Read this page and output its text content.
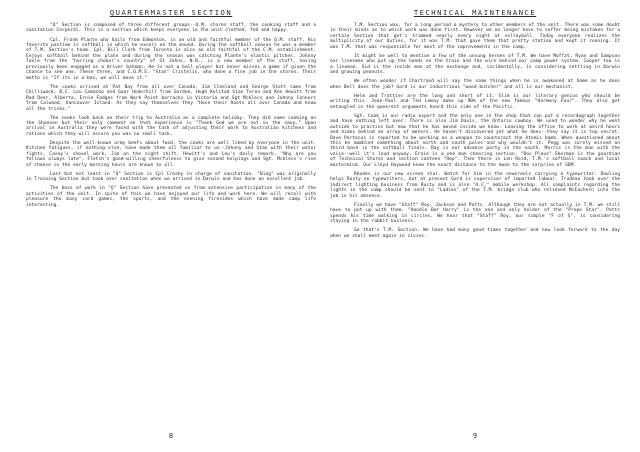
QUARTERMASTER SECTION

"Q" Section is composed of three different groups--Q.M. stores staff, the cooking staff and a sanitation Corporal. This is a section which keeps everyone in the unit clothed, fed and happy.

Cpl. Frank Plante who hails from Edmonton, is an old and faithful member of the Q.M. staff. His favorite pastime is softball in which he excels on the mound. During the softball season he was a member of T.M. Section's team. Cpl. Bill Clark from Toronto is also an old faithful of the C.M. establishment. Enjoys softball behind the plate and during the season was catching Plante's elastic pitches. Johnny Toole from the "herring choker's country" of St Johns, N.B., is a new member of the staff, having previously been engaged as a driver batman. He is not a ball player but never misses a game if given the chance to see one. These three, and C.Q.M.S. "Stan" Cristelis, who done a fine job in the stores. Their motto is "If its in a box, we will move it."

The cooks arrived at Pat Bay from all over Canada. Jim Cleeland and George Stott came from Chilliwack, B.C. Lou Camacho and Gaar Underhill from Gordon, Hugh Kolstad Stan Teron and Ken Hewitt from Red Deer, Alberta, Ernie Fodges from Work Point barracks in Victoria and Sgt Mcklecs and Johnny Connors from Calwood, Vancouver Island. As they say themselves they "Have their Roots all over Canada and know all the tricks."

The cooks look back on their trip to Australia as a complete holiday. They did some cooking on the Shannon but their only comment on that experience is "Thank God we are not in the navy." Upon arrival in Australia they were faced with the task of adjusting their work to Australian kitchens and rations which they will assure you was no small task.

Despite the well-known army beefs about food, the cooks are well liked by everyone in the unit. Kitchen fatigues, if nothing else, have made them all familiar to us--Johnny and Stan with their water fights, Casey's shovel work, Jim on the night shift, Hewitt's and Lou's daily remark, "Why are you fellows always late", Fletch's good-willing cheerfulness to give second helpings and Sgt. Mcklecs's rise of cheese in the early morning hours are known to all.

Last but not least in "Q" Section is Cpl Crosby in charge of sanitation. "Bing" was originally in Training Section but took over sanitation when we arrived in Darwin and has done an excellent job.

The boss of work in "Q" Section have prevented us from extensive participation in many of the activities of the unit. In spite of this we have enjoyed our life and work here. We will recall with pleasure the many card games, the sports, and the evening firesides which have made camp life interesting.

8
TECHNICAL MAINTENANCE

T.M. Section was, for a long period a mystery to other members of the unit. There was some doubt in their minds as to which work was done first. However we no longer have to suffer being mistaken for a certain Section that get's trimmed nearly every night at volleyball. Today everyone realizes the multiplicity of our duties, for it was T.M. that gave them that pretty station and kept it running. It was T.M. that was responsible for most of the improvements in the camp.

It might be well to mention a few of the unsung heroes of T.M. We have Moffat, Ryan and Sampson our linesmen who put up the hands on the train and the wire behind our camp power system. Cooper too is a lineman. Sid is the inside man at the exchange and, incidentally, is considering settling in Darwin and growing peanuts.

We often wonder if Chartrand will say the same things when he is awakened at home as he does when Bell does the job? Gord is our industrious "wood butcher" and all is our mechanist.

Helm and Trottier are the long and short of it. Slim is our literary genius who should be writing this. Jean-Paul and Ted Lemay make up 90% of the new famous "Harmony Four". They also get entangled in the queerest arguments heard this side of the Pacific.

Sgt. Cook is our radio expert and the only one in the shop that can put a recordograph together and have nothing left over. There is also Jim Davis, the Ontario cowboy. We used to wonder why he went outside to practice but now that he has moved inside we know. Leaving the office to work at weird hours and hides behind an array of meters. He haven't discovered yet what he does--they say it is top secret. Dave Portecus is reported to be working on a weapon to counteract the Atomic bomb. When questioned about this he mumbled something about north and south poles and why wouldn't it. Pegg was sorely missed on third base in the softball finals. Ray is our advance party in the south. Morris is the man with the voice--well it's loud anyway. Ernie is a one man cheering section. "Doc Plaus" Sherman is the guardian of Technical Stores and section canteen "Rep". Then there is Len Reid, T.M.'s softball coach and local mastermind. Our Lloyd Haywood knew the exact distance to the moon to the surprise of SDM.

Rhodes is our new screen star. Watch for him in the newsreels carrying a typewriter. Dowling helps Rusty on typewriters, but at present Gord is supervisor of imported labour. Trudeau took over the indirect lighting business from Rusty and is also "O.C." mobile workshop. All complaints regarding the lights in the camp should be sent to "Ladies" of the T.M. bridge club who relieved McEachern into the job in his absence.

Finally we have "Staff" Roy, Jackson and Potts. Although they are not actually in T.M. we still have to put up with them. "Handle Bar Harry" is the one and only holder of the "Prope Star". Potts spends his time walking in circles. We hear that "Staff" Roy, our simple "F of S", is considering staying in the rabbit business.

So that's T.M. Section. We have had many good times together and now look forward to the day when we shall meet again in civies.

9
